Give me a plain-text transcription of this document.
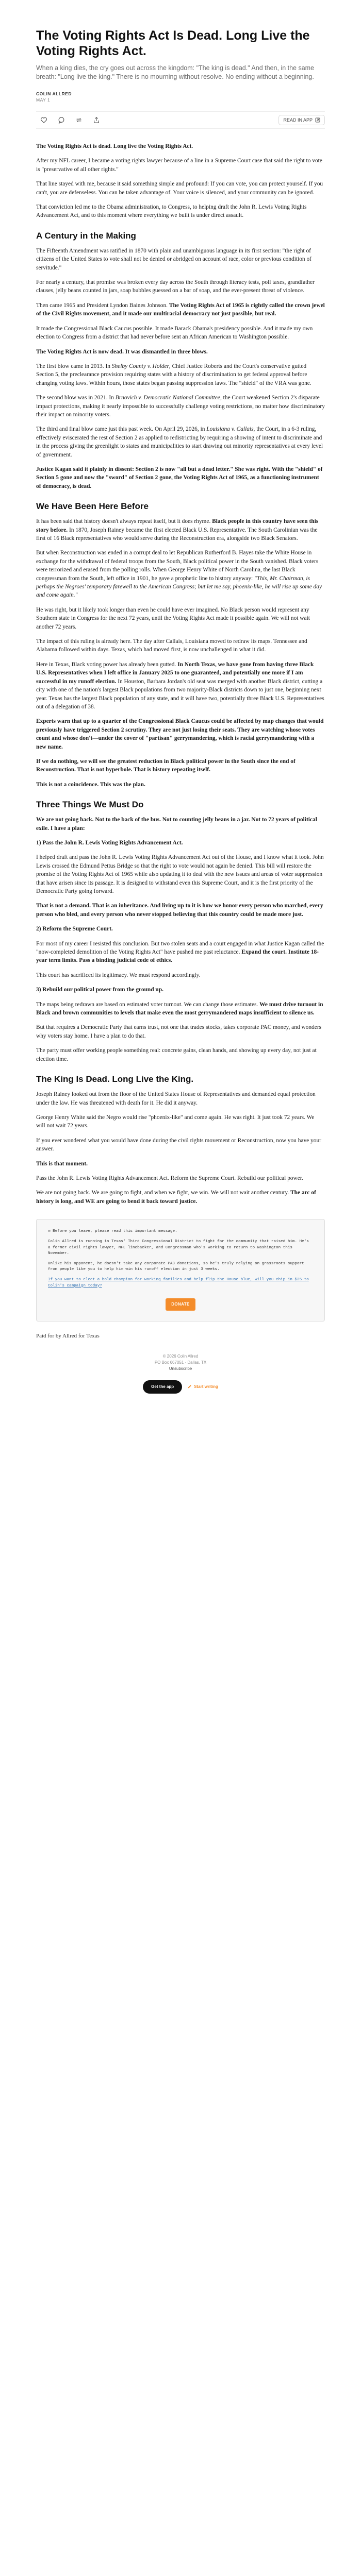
The Voting Rights Act Is Dead. Long Live the Voting Rights Act.
When a king dies, the cry goes out across the kingdom: "The king is dead." And then, in the same breath: "Long live the king." There is no mourning without resolve. No ending without a beginning.
COLIN ALLRED
MAY 1
READ IN APP

The Voting Rights Act is dead. Long live the Voting Rights Act.

After my NFL career, I became a voting rights lawyer because of a line in a Supreme Court case that said the right to vote is "preservative of all other rights."

That line stayed with me, because it said something simple and profound: If you can vote, you can protect yourself. If you can't, you are defenseless. You can be taken advantage of. Your voice is silenced, and your community can be ignored.

That conviction led me to the Obama administration, to Congress, to helping draft the John R. Lewis Voting Rights Advancement Act, and to this moment where everything we built is under direct assault.

A Century in the Making

The Fifteenth Amendment was ratified in 1870 with plain and unambiguous language in its first section: "the right of citizens of the United States to vote shall not be denied or abridged on account of race, color or previous condition of servitude."

For nearly a century, that promise was broken every day across the South through literacy tests, poll taxes, grandfather clauses, jelly beans counted in jars, soap bubbles guessed on a bar of soap, and the ever-present threat of violence.

Then came 1965 and President Lyndon Baines Johnson. The Voting Rights Act of 1965 is rightly called the crown jewel of the Civil Rights movement, and it made our multiracial democracy not just possible, but real.

It made the Congressional Black Caucus possible. It made Barack Obama's presidency possible. And it made my own election to Congress from a district that had never before sent an African American to Washington possible.

The Voting Rights Act is now dead. It was dismantled in three blows.

The first blow came in 2013. In Shelby County v. Holder, Chief Justice Roberts and the Court's conservative gutted Section 5, the preclearance provision requiring states with a history of discrimination to get federal approval before changing voting laws. Within hours, those states began passing suppression laws. The "shield" of the VRA was gone.

The second blow was in 2021. In Brnovich v. Democratic National Committee, the Court weakened Section 2's disparate impact protections, making it nearly impossible to successfully challenge voting restrictions, no matter how discriminatory their impact on minority voters.

The third and final blow came just this past week. On April 29, 2026, in Louisiana v. Callais, the Court, in a 6-3 ruling, effectively eviscerated the rest of Section 2 as applied to redistricting by requiring a showing of intent to discriminate and in the process giving the greenlight to states and municipalities to start drawing out minority representatives at every level of government.

Justice Kagan said it plainly in dissent: Section 2 is now "all but a dead letter." She was right. With the "shield" of Section 5 gone and now the "sword" of Section 2 gone, the Voting Rights Act of 1965, as a functioning instrument of democracy, is dead.

We Have Been Here Before

It has been said that history doesn't always repeat itself, but it does rhyme. Black people in this country have seen this story before. In 1870, Joseph Rainey became the first elected Black U.S. Representative. The South Carolinian was the first of 16 Black representatives who would serve during the Reconstruction era, alongside two Black Senators.

But when Reconstruction was ended in a corrupt deal to let Republican Rutherford B. Hayes take the White House in exchange for the withdrawal of federal troops from the South, Black political power in the South vanished. Black voters were terrorized and erased from the polling rolls. When George Henry White of North Carolina, the last Black congressman from the South, left office in 1901, he gave a prophetic line to history anyway: "This, Mr. Chairman, is perhaps the Negroes' temporary farewell to the American Congress; but let me say, phoenix-like, he will rise up some day and come again."

He was right, but it likely took longer than even he could have ever imagined. No Black person would represent any Southern state in Congress for the next 72 years, until the Voting Rights Act made it possible again. We will not wait another 72 years.

The impact of this ruling is already here. The day after Callais, Louisiana moved to redraw its maps. Tennessee and Alabama followed within days. Texas, which had moved first, is now unchallenged in what it did.

Here in Texas, Black voting power has already been gutted. In North Texas, we have gone from having three Black U.S. Representatives when I left office in January 2025 to one guaranteed, and potentially one more if I am successful in my runoff election. In Houston, Barbara Jordan's old seat was merged with another Black district, cutting a city with one of the nation's largest Black populations from two majority-Black districts down to just one, beginning next year. Texas has the largest Black population of any state, and it will have two, potentially three Black U.S. Representatives out of a delegation of 38.

Experts warn that up to a quarter of the Congressional Black Caucus could be affected by map changes that would previously have triggered Section 2 scrutiny. They are not just losing their seats. They are watching whose votes count and whose don't—under the cover of "partisan" gerrymandering, which is racial gerrymandering with a new name.

If we do nothing, we will see the greatest reduction in Black political power in the South since the end of Reconstruction. That is not hyperbole. That is history repeating itself.

This is not a coincidence. This was the plan.

Three Things We Must Do

We are not going back. Not to the back of the bus. Not to counting jelly beans in a jar. Not to 72 years of political exile. I have a plan:

1) Pass the John R. Lewis Voting Rights Advancement Act.

I helped draft and pass the John R. Lewis Voting Rights Advancement Act out of the House, and I know what it took. John Lewis crossed the Edmund Pettus Bridge so that the right to vote would not again be denied. This bill will restore the promise of the Voting Rights Act of 1965 while also updating it to deal with the new issues and areas of voter suppression that have arisen since its passage. It is designed to withstand even this Supreme Court, and it is the first priority of the Democratic Party going forward.

That is not a demand. That is an inheritance. And living up to it is how we honor every person who marched, every person who bled, and every person who never stopped believing that this country could be made more just.

2) Reform the Supreme Court.

For most of my career I resisted this conclusion. But two stolen seats and a court engaged in what Justice Kagan called the "now-completed demolition of the Voting Rights Act" have pushed me past reluctance. Expand the court. Institute 18-year term limits. Pass a binding judicial code of ethics.

This court has sacrificed its legitimacy. We must respond accordingly.

3) Rebuild our political power from the ground up.

The maps being redrawn are based on estimated voter turnout. We can change those estimates. We must drive turnout in Black and brown communities to levels that make even the most gerrymandered maps insufficient to silence us.

But that requires a Democratic Party that earns trust, not one that trades stocks, takes corporate PAC money, and wonders why voters stay home. I have a plan to do that.

The party must offer working people something real: concrete gains, clean hands, and showing up every day, not just at election time.

The King Is Dead. Long Live the King.

Joseph Rainey looked out from the floor of the United States House of Representatives and demanded equal protection under the law. He was threatened with death for it. He did it anyway.

George Henry White said the Negro would rise "phoenix-like" and come again. He was right. It just took 72 years. We will not wait 72 years.

If you ever wondered what you would have done during the civil rights movement or Reconstruction, now you have your answer.

This is that moment.

Pass the John R. Lewis Voting Rights Advancement Act. Reform the Supreme Court. Rebuild our political power.

We are not going back. We are going to fight, and when we fight, we win. We will not wait another century. The arc of history is long, and WE are going to bend it back toward justice.

✉ Before you leave, please read this important message.

Colin Allred is running in Texas' Third Congressional District to fight for the community that raised him. He's a former civil rights lawyer, NFL linebacker, and Congressman who's working to return to Washington this November.

Unlike his opponent, he doesn't take any corporate PAC donations, so he's truly relying on grassroots support from people like you to help him win his runoff election in just 3 weeks.

If you want to elect a bold champion for working families and help flip the House blue, will you chip in $25 to Colin's campaign today?

DONATE
Paid for by Allred for Texas
© 2026 Colin Allred
PO Box 667051 · Dallas, TX
Unsubscribe
Get the app	Start writing
